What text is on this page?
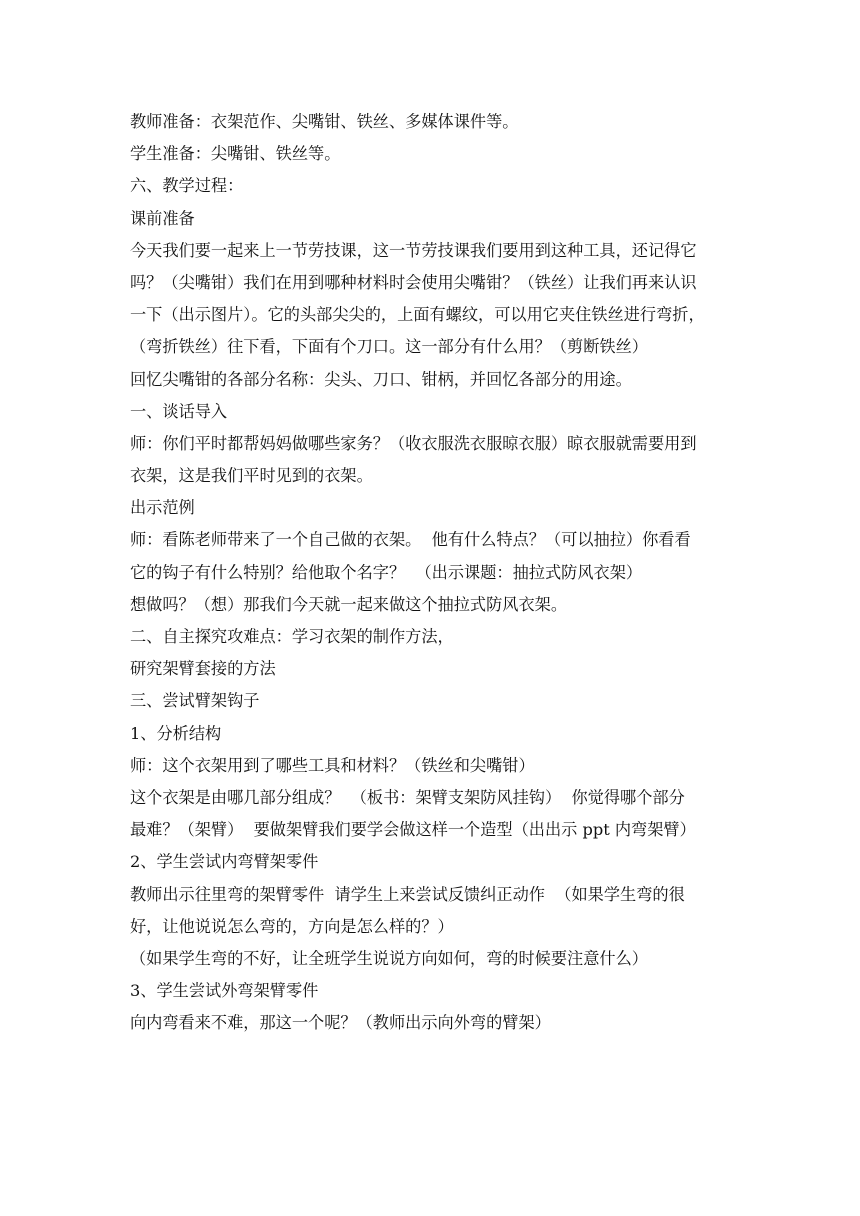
教师准备：衣架范作、尖嘴钳、铁丝、多媒体课件等。

学生准备：尖嘴钳、铁丝等。

六、教学过程：

课前准备

今天我们要一起来上一节劳技课，这一节劳技课我们要用到这种工具，还记得它

吗？（尖嘴钳）我们在用到哪种材料时会使用尖嘴钳？（铁丝）让我们再来认识

一下（出示图片）。它的头部尖尖的，上面有螺纹，可以用它夹住铁丝进行弯折，

（弯折铁丝）往下看，下面有个刀口。这一部分有什么用？（剪断铁丝）

回忆尖嘴钳的各部分名称：尖头、刀口、钳柄，并回忆各部分的用途。

一、谈话导入

师：你们平时都帮妈妈做哪些家务？（收衣服洗衣服晾衣服）晾衣服就需要用到

衣架，这是我们平时见到的衣架。

出示范例

师：看陈老师带来了一个自己做的衣架。  他有什么特点？（可以抽拉）你看看

它的钩子有什么特别？给他取个名字？  （出示课题：抽拉式防风衣架）

想做吗？（想）那我们今天就一起来做这个抽拉式防风衣架。

二、自主探究攻难点：学习衣架的制作方法，

研究架臂套接的方法

三、尝试臂架钩子

1、分析结构

师：这个衣架用到了哪些工具和材料？（铁丝和尖嘴钳）

这个衣架是由哪几部分组成？  （板书：架臂支架防风挂钩）  你觉得哪个部分

最难？（架臂）  要做架臂我们要学会做这样一个造型（出出示 ppt 内弯架臂）

2、学生尝试内弯臂架零件

教师出示往里弯的架臂零件  请学生上来尝试反馈纠正动作  （如果学生弯的很

好，让他说说怎么弯的，方向是怎么样的？）

（如果学生弯的不好，让全班学生说说方向如何，弯的时候要注意什么）

3、学生尝试外弯架臂零件

向内弯看来不难，那这一个呢？（教师出示向外弯的臂架）
